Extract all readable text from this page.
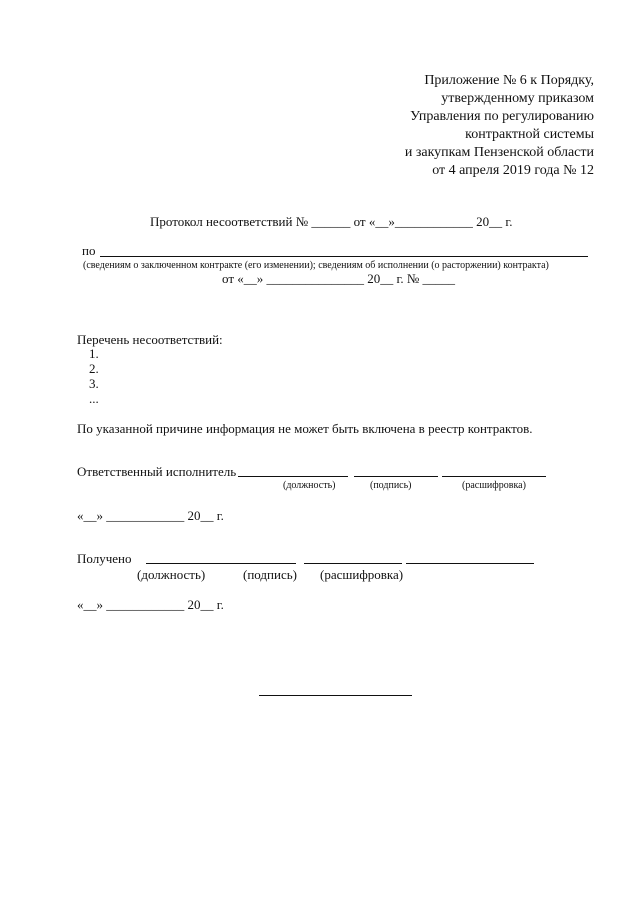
Приложение № 6 к Порядку,
утвержденному приказом
Управления по регулированию
контрактной системы
и закупкам Пензенской области
от 4 апреля 2019 года № 12
Протокол несоответствий № ______ от «__»____________ 20__ г.
по
(сведениям о заключенном контракте (его изменении); сведениям об исполнении (о расторжении) контракта)
от «__» _______________ 20__ г. № _____
Перечень несоответствий:
1.
2.
3.
...
По указанной причине информация не может быть включена в реестр контрактов.
Ответственный исполнитель
(должность)	(подпись)	(расшифровка)
«__» ____________ 20__ г.
Получено
(должность)	(подпись) (расшифровка)
«__» ____________ 20__ г.
